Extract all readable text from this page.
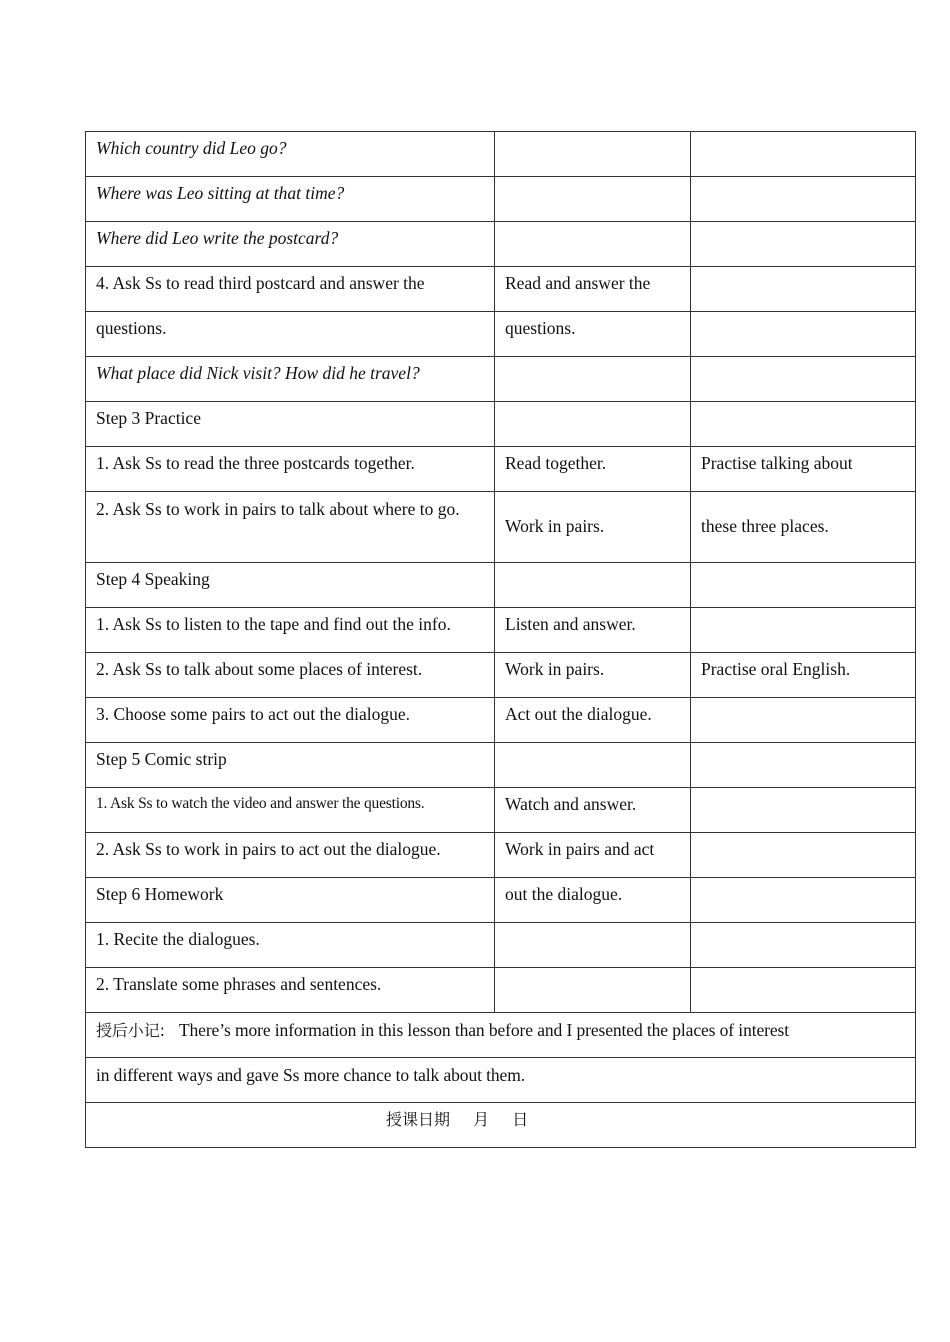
Which country did Leo go?		

Where was Leo sitting at that time?		

Where did Leo write the postcard?		

4. Ask Ss to read third postcard and answer the	Read and answer the	

questions.	questions.	

What place did Nick visit? How did he travel?		

Step 3 Practice		

1. Ask Ss to read the three postcards together.	Read together.	Practise talking about

2. Ask Ss to work in pairs to talk about where to go.	Work in pairs.	these three places.

Step 4 Speaking		

1. Ask Ss to listen to the tape and find out the info.	Listen and answer.	

2. Ask Ss to talk about some places of interest.	Work in pairs.	Practise oral English.

3. Choose some pairs to act out the dialogue.	Act out the dialogue.	

Step 5 Comic strip		

1. Ask Ss to watch the video and answer the questions.	Watch and answer.	

2. Ask Ss to work in pairs to act out the dialogue.	Work in pairs and act	

Step 6 Homework	out the dialogue.	

1. Recite the dialogues.		

2. Translate some phrases and sentences.		

授后小记: There’s more information in this lesson than before and I presented the places of interest		

in different ways and gave Ss more chance to talk about them.		

授课日期 月 日		
